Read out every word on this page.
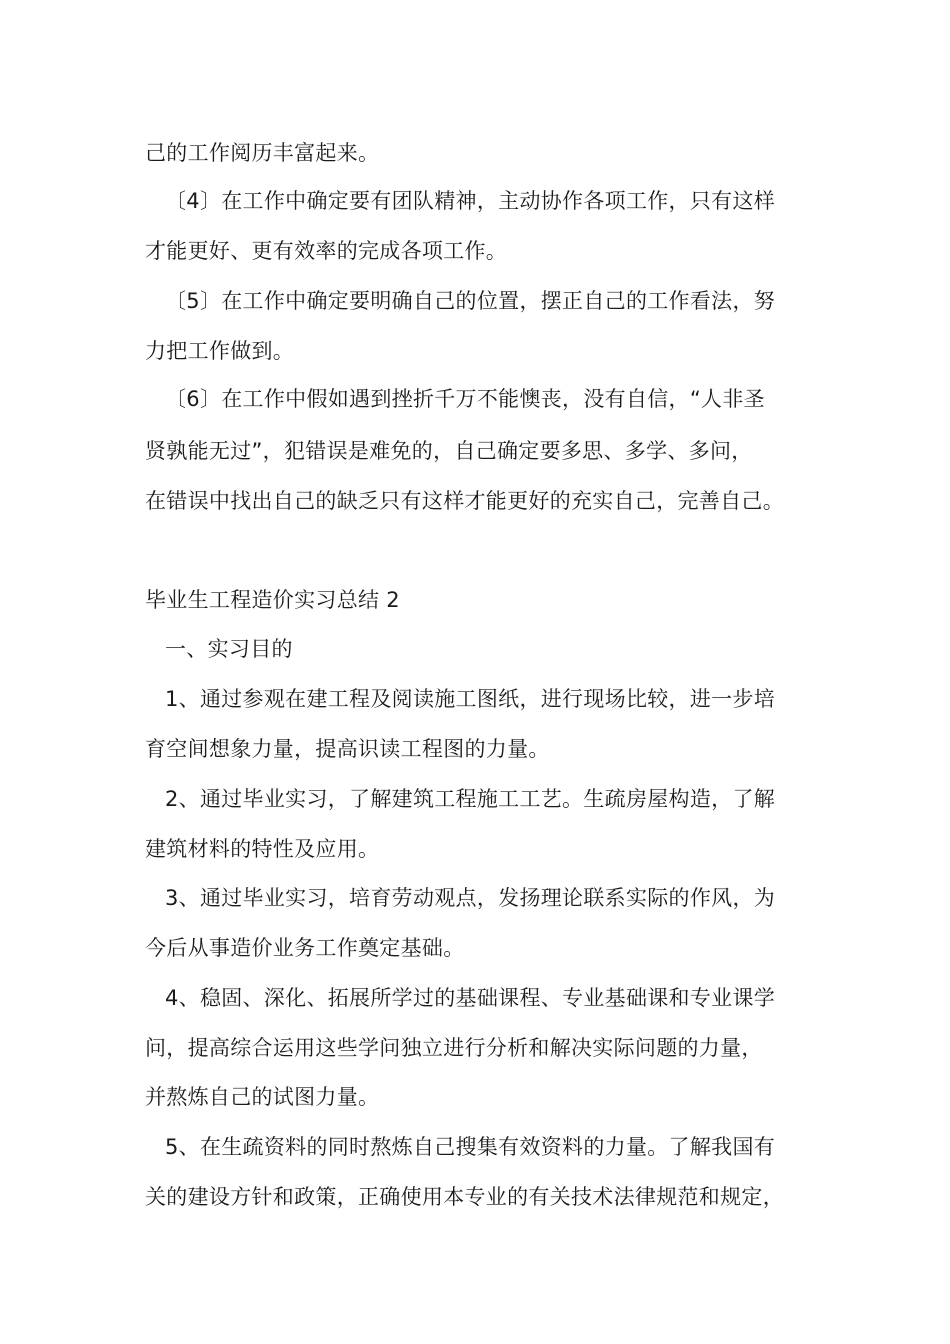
己的工作阅历丰富起来。
〔4〕在工作中确定要有团队精神，主动协作各项工作，只有这样
才能更好、更有效率的完成各项工作。
〔5〕在工作中确定要明确自己的位置，摆正自己的工作看法，努
力把工作做到。
〔6〕在工作中假如遇到挫折千万不能懊丧，没有自信，“人非圣
贤孰能无过”，犯错误是难免的，自己确定要多思、多学、多问，
在错误中找出自己的缺乏只有这样才能更好的充实自己，完善自己。
毕业生工程造价实习总结 2
一、实习目的
1、通过参观在建工程及阅读施工图纸，进行现场比较，进一步培
育空间想象力量，提高识读工程图的力量。
2、通过毕业实习，了解建筑工程施工工艺。生疏房屋构造，了解
建筑材料的特性及应用。
3、通过毕业实习，培育劳动观点，发扬理论联系实际的作风，为
今后从事造价业务工作奠定基础。
4、稳固、深化、拓展所学过的基础课程、专业基础课和专业课学
问，提高综合运用这些学问独立进行分析和解决实际问题的力量，
并熬炼自己的试图力量。
5、在生疏资料的同时熬炼自己搜集有效资料的力量。了解我国有
关的建设方针和政策，正确使用本专业的有关技术法律规范和规定，
